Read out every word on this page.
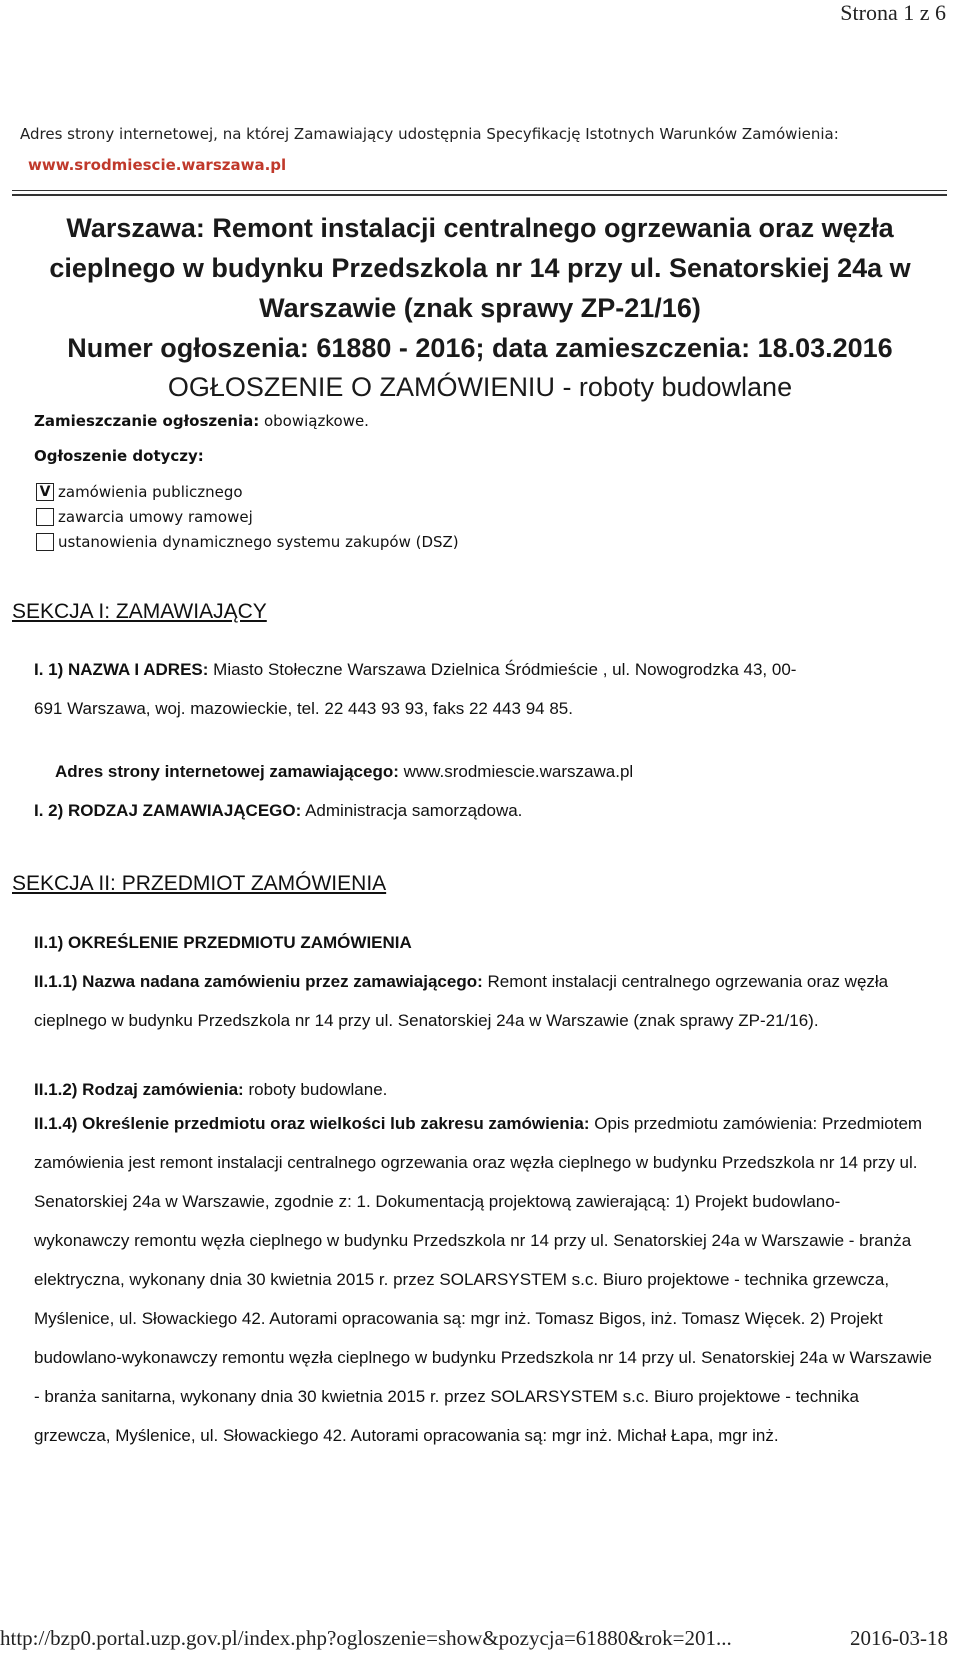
Strona 1 z 6
Adres strony internetowej, na której Zamawiający udostępnia Specyfikację Istotnych Warunków Zamówienia:
www.srodmiescie.warszawa.pl
Warszawa: Remont instalacji centralnego ogrzewania oraz węzła
cieplnego w budynku Przedszkola nr 14 przy ul. Senatorskiej 24a w
Warszawie (znak sprawy ZP-21/16)
Numer ogłoszenia: 61880 - 2016; data zamieszczenia: 18.03.2016
OGŁOSZENIE O ZAMÓWIENIU - roboty budowlane
Zamieszczanie ogłoszenia: obowiązkowe.
Ogłoszenie dotyczy:
V zamówienia publicznego
zawarcia umowy ramowej
ustanowienia dynamicznego systemu zakupów (DSZ)
SEKCJA I: ZAMAWIAJĄCY
I. 1) NAZWA I ADRES: Miasto Stołeczne Warszawa Dzielnica Śródmieście , ul. Nowogrodzka 43, 00-
691 Warszawa, woj. mazowieckie, tel. 22 443 93 93, faks 22 443 94 85.
Adres strony internetowej zamawiającego: www.srodmiescie.warszawa.pl
I. 2) RODZAJ ZAMAWIAJĄCEGO: Administracja samorządowa.
SEKCJA II: PRZEDMIOT ZAMÓWIENIA
II.1) OKREŚLENIE PRZEDMIOTU ZAMÓWIENIA
II.1.1) Nazwa nadana zamówieniu przez zamawiającego: Remont instalacji centralnego ogrzewania oraz węzła cieplnego w budynku Przedszkola nr 14 przy ul. Senatorskiej 24a w Warszawie (znak sprawy ZP-21/16).
II.1.2) Rodzaj zamówienia: roboty budowlane.
II.1.4) Określenie przedmiotu oraz wielkości lub zakresu zamówienia: Opis przedmiotu zamówienia: Przedmiotem zamówienia jest remont instalacji centralnego ogrzewania oraz węzła cieplnego w budynku Przedszkola nr 14 przy ul. Senatorskiej 24a w Warszawie, zgodnie z: 1. Dokumentacją projektową zawierającą: 1) Projekt budowlano-wykonawczy remontu węzła cieplnego w budynku Przedszkola nr 14 przy ul. Senatorskiej 24a w Warszawie - branża elektryczna, wykonany dnia 30 kwietnia 2015 r. przez SOLARSYSTEM s.c. Biuro projektowe - technika grzewcza, Myślenice, ul. Słowackiego 42. Autorami opracowania są: mgr inż. Tomasz Bigos, inż. Tomasz Więcek. 2) Projekt budowlano-wykonawczy remontu węzła cieplnego w budynku Przedszkola nr 14 przy ul. Senatorskiej 24a w Warszawie - branża sanitarna, wykonany dnia 30 kwietnia 2015 r. przez SOLARSYSTEM s.c. Biuro projektowe - technika grzewcza, Myślenice, ul. Słowackiego 42. Autorami opracowania są: mgr inż. Michał Łapa, mgr inż.
http://bzp0.portal.uzp.gov.pl/index.php?ogloszenie=show&pozycja=61880&rok=201...	2016-03-18
